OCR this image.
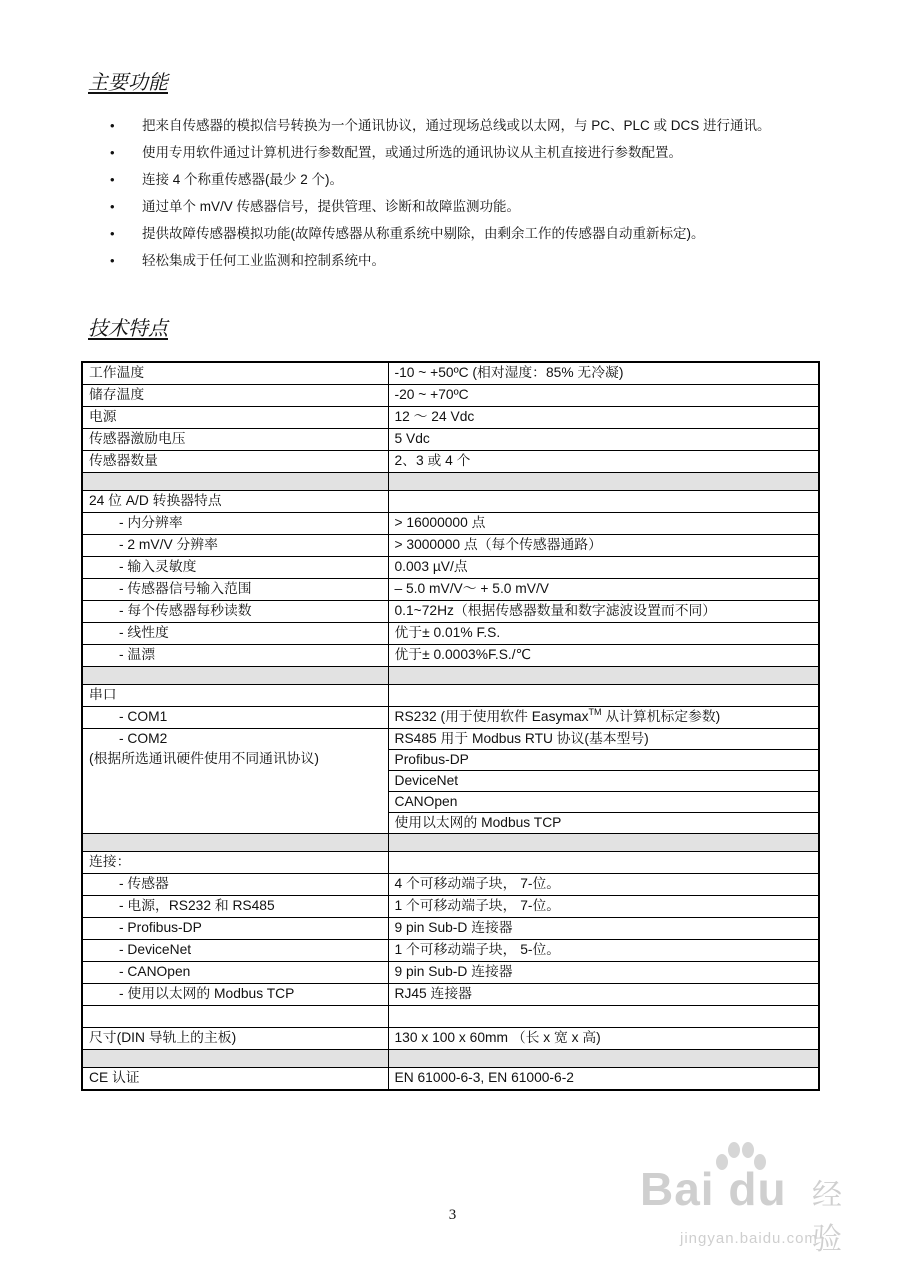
主要功能
• 把来自传感器的模拟信号转换为一个通讯协议，通过现场总线或以太网，与 PC、PLC 或 DCS 进行通讯。
• 使用专用软件通过计算机进行参数配置，或通过所选的通讯协议从主机直接进行参数配置。
• 连接 4 个称重传感器(最少 2 个)。
• 通过单个 mV/V 传感器信号，提供管理、诊断和故障监测功能。
• 提供故障传感器模拟功能(故障传感器从称重系统中剔除，由剩余工作的传感器自动重新标定)。
• 轻松集成于任何工业监测和控制系统中。
技术特点
工作温度	-10 ~ +50ºC (相对湿度：85% 无冷凝)
储存温度	-20 ~ +70ºC
电源	12 ～ 24 Vdc
传感器激励电压	5 Vdc
传感器数量	2、3 或 4 个

24 位 A/D 转换器特点	
- 内分辨率	> 16000000 点
- 2 mV/V 分辨率	> 3000000 点（每个传感器通路）
- 输入灵敏度	0.003 µV/点
- 传感器信号输入范围	– 5.0 mV/V～ + 5.0 mV/V
- 每个传感器每秒读数	0.1~72Hz（根据传感器数量和数字滤波设置而不同）
- 线性度	优于± 0.01% F.S.
- 温漂	优于± 0.0003%F.S./℃

串口	
- COM1	RS232 (用于使用软件 Easymax™ 从计算机标定参数)

- COM2
(根据所选通讯硬件使用不同通讯协议)	RS485 用于 Modbus RTU 协议(基本型号)
Profibus-DP
DeviceNet
CANOpen
使用以太网的 Modbus TCP

连接：	
- 传感器	4 个可移动端子块， 7-位。
- 电源，RS232 和 RS485	1 个可移动端子块， 7-位。
- Profibus-DP	9 pin Sub-D 连接器
- DeviceNet	1 个可移动端子块， 5-位。
- CANOpen	9 pin Sub-D 连接器
- 使用以太网的 Modbus TCP	RJ45 连接器

尺寸(DIN 导轨上的主板)	130 x 100 x 60mm （长 x 宽 x 高)

CE 认证	EN 61000-6-3, EN 61000-6-2
3	Bai du 经验
jingyan.baidu.com
